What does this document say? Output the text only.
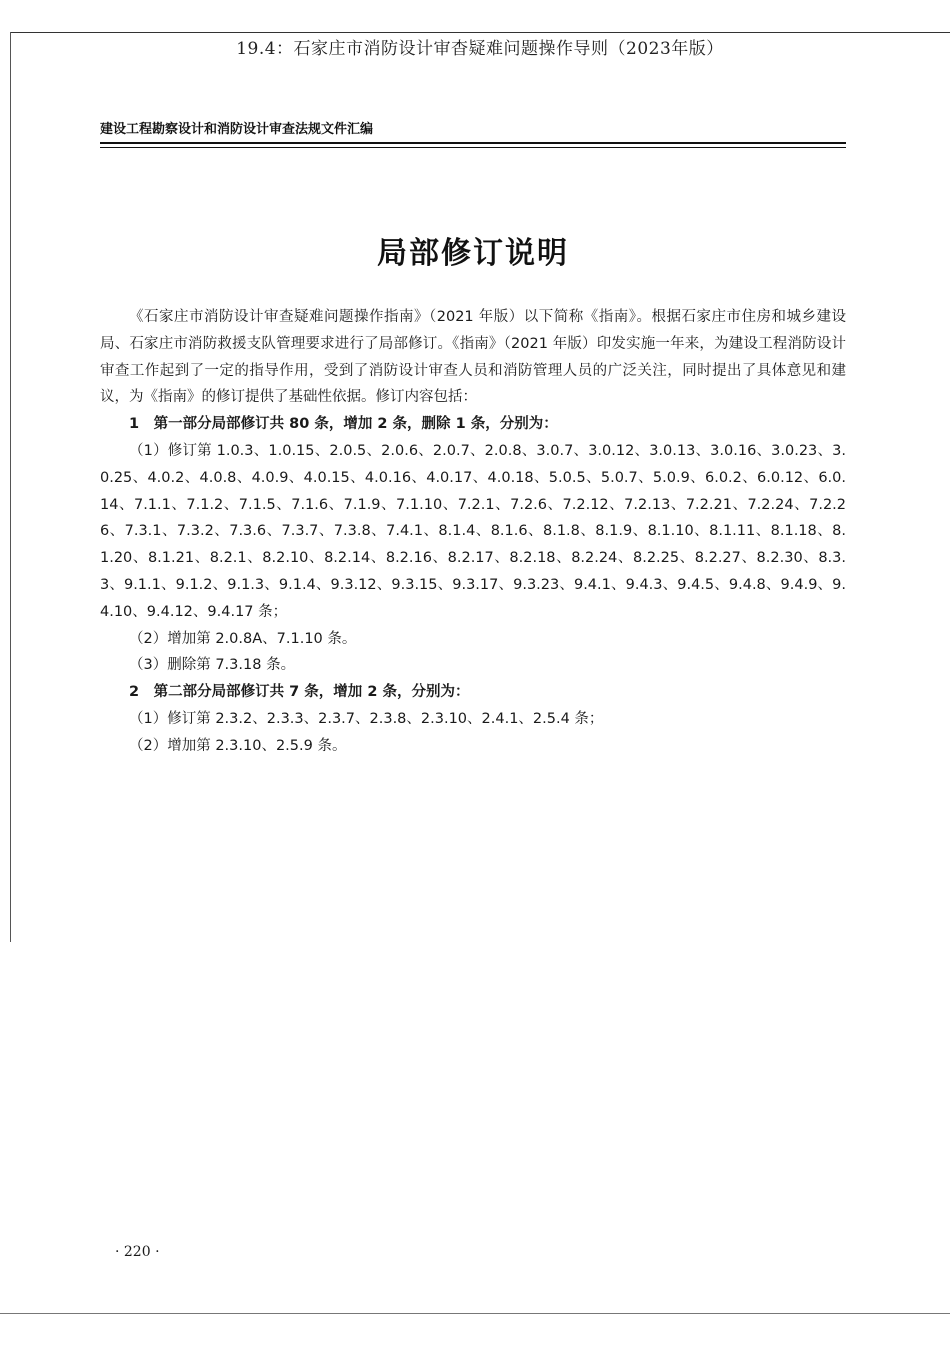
19.4：石家庄市消防设计审杳疑难问题操作导则（2023年版）
建设工程勘察设计和消防设计审查法规文件汇编
局部修订说明

《石家庄市消防设计审查疑难问题操作指南》（2021 年版）以下简称《指南》。根据石家庄市住房和城乡建设局、石家庄市消防救援支队管理要求进行了局部修订。《指南》（2021 年版）印发实施一年来，为建设工程消防设计审查工作起到了一定的指导作用，受到了消防设计审查人员和消防管理人员的广泛关注，同时提出了具体意见和建议，为《指南》的修订提供了基础性依据。修订内容包括：

1　第一部分局部修订共 80 条，增加 2 条，删除 1 条，分别为：

（1）修订第 1.0.3、1.0.15、2.0.5、2.0.6、2.0.7、2.0.8、3.0.7、3.0.12、3.0.13、3.0.16、3.0.23、3.0.25、4.0.2、4.0.8、4.0.9、4.0.15、4.0.16、4.0.17、4.0.18、5.0.5、5.0.7、5.0.9、6.0.2、6.0.12、6.0.14、7.1.1、7.1.2、7.1.5、7.1.6、7.1.9、7.1.10、7.2.1、7.2.6、7.2.12、7.2.13、7.2.21、7.2.24、7.2.26、7.3.1、7.3.2、7.3.6、7.3.7、7.3.8、7.4.1、8.1.4、8.1.6、8.1.8、8.1.9、8.1.10、8.1.11、8.1.18、8.1.20、8.1.21、8.2.1、8.2.10、8.2.14、8.2.16、8.2.17、8.2.18、8.2.24、8.2.25、8.2.27、8.2.30、8.3.3、9.1.1、9.1.2、9.1.3、9.1.4、9.3.12、9.3.15、9.3.17、9.3.23、9.4.1、9.4.3、9.4.5、9.4.8、9.4.9、9.4.10、9.4.12、9.4.17 条；

（2）增加第 2.0.8A、7.1.10 条。

（3）删除第 7.3.18 条。

2　第二部分局部修订共 7 条，增加 2 条，分别为：

（1）修订第 2.3.2、2.3.3、2.3.7、2.3.8、2.3.10、2.4.1、2.5.4 条；

（2）增加第 2.3.10、2.5.9 条。

· 220 ·
